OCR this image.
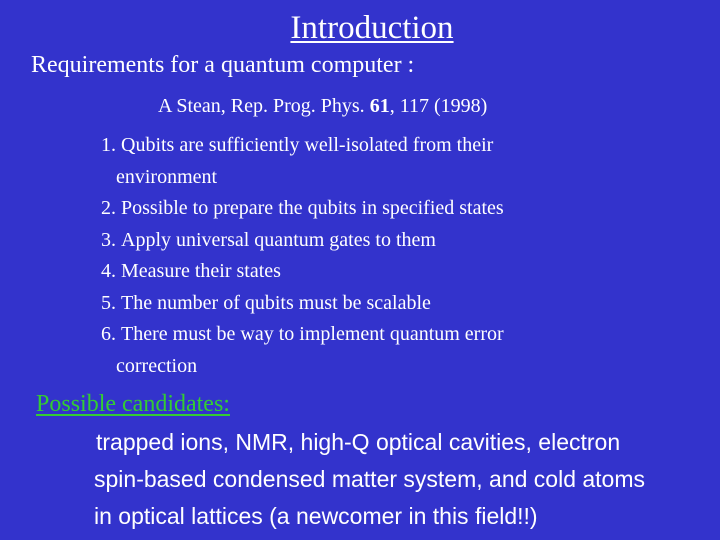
Introduction
Requirements for a quantum computer :
A Stean, Rep. Prog. Phys. 61, 117 (1998)
1. Qubits are sufficiently well-isolated from their
environment
2. Possible to prepare the qubits in specified states
3. Apply universal quantum gates to them
4. Measure their states
5. The number of qubits must be scalable
6. There must be way to implement quantum error
correction
Possible candidates:
trapped ions, NMR, high-Q optical cavities, electron
spin-based condensed matter system, and cold atoms
in optical lattices (a newcomer in this field!!)
